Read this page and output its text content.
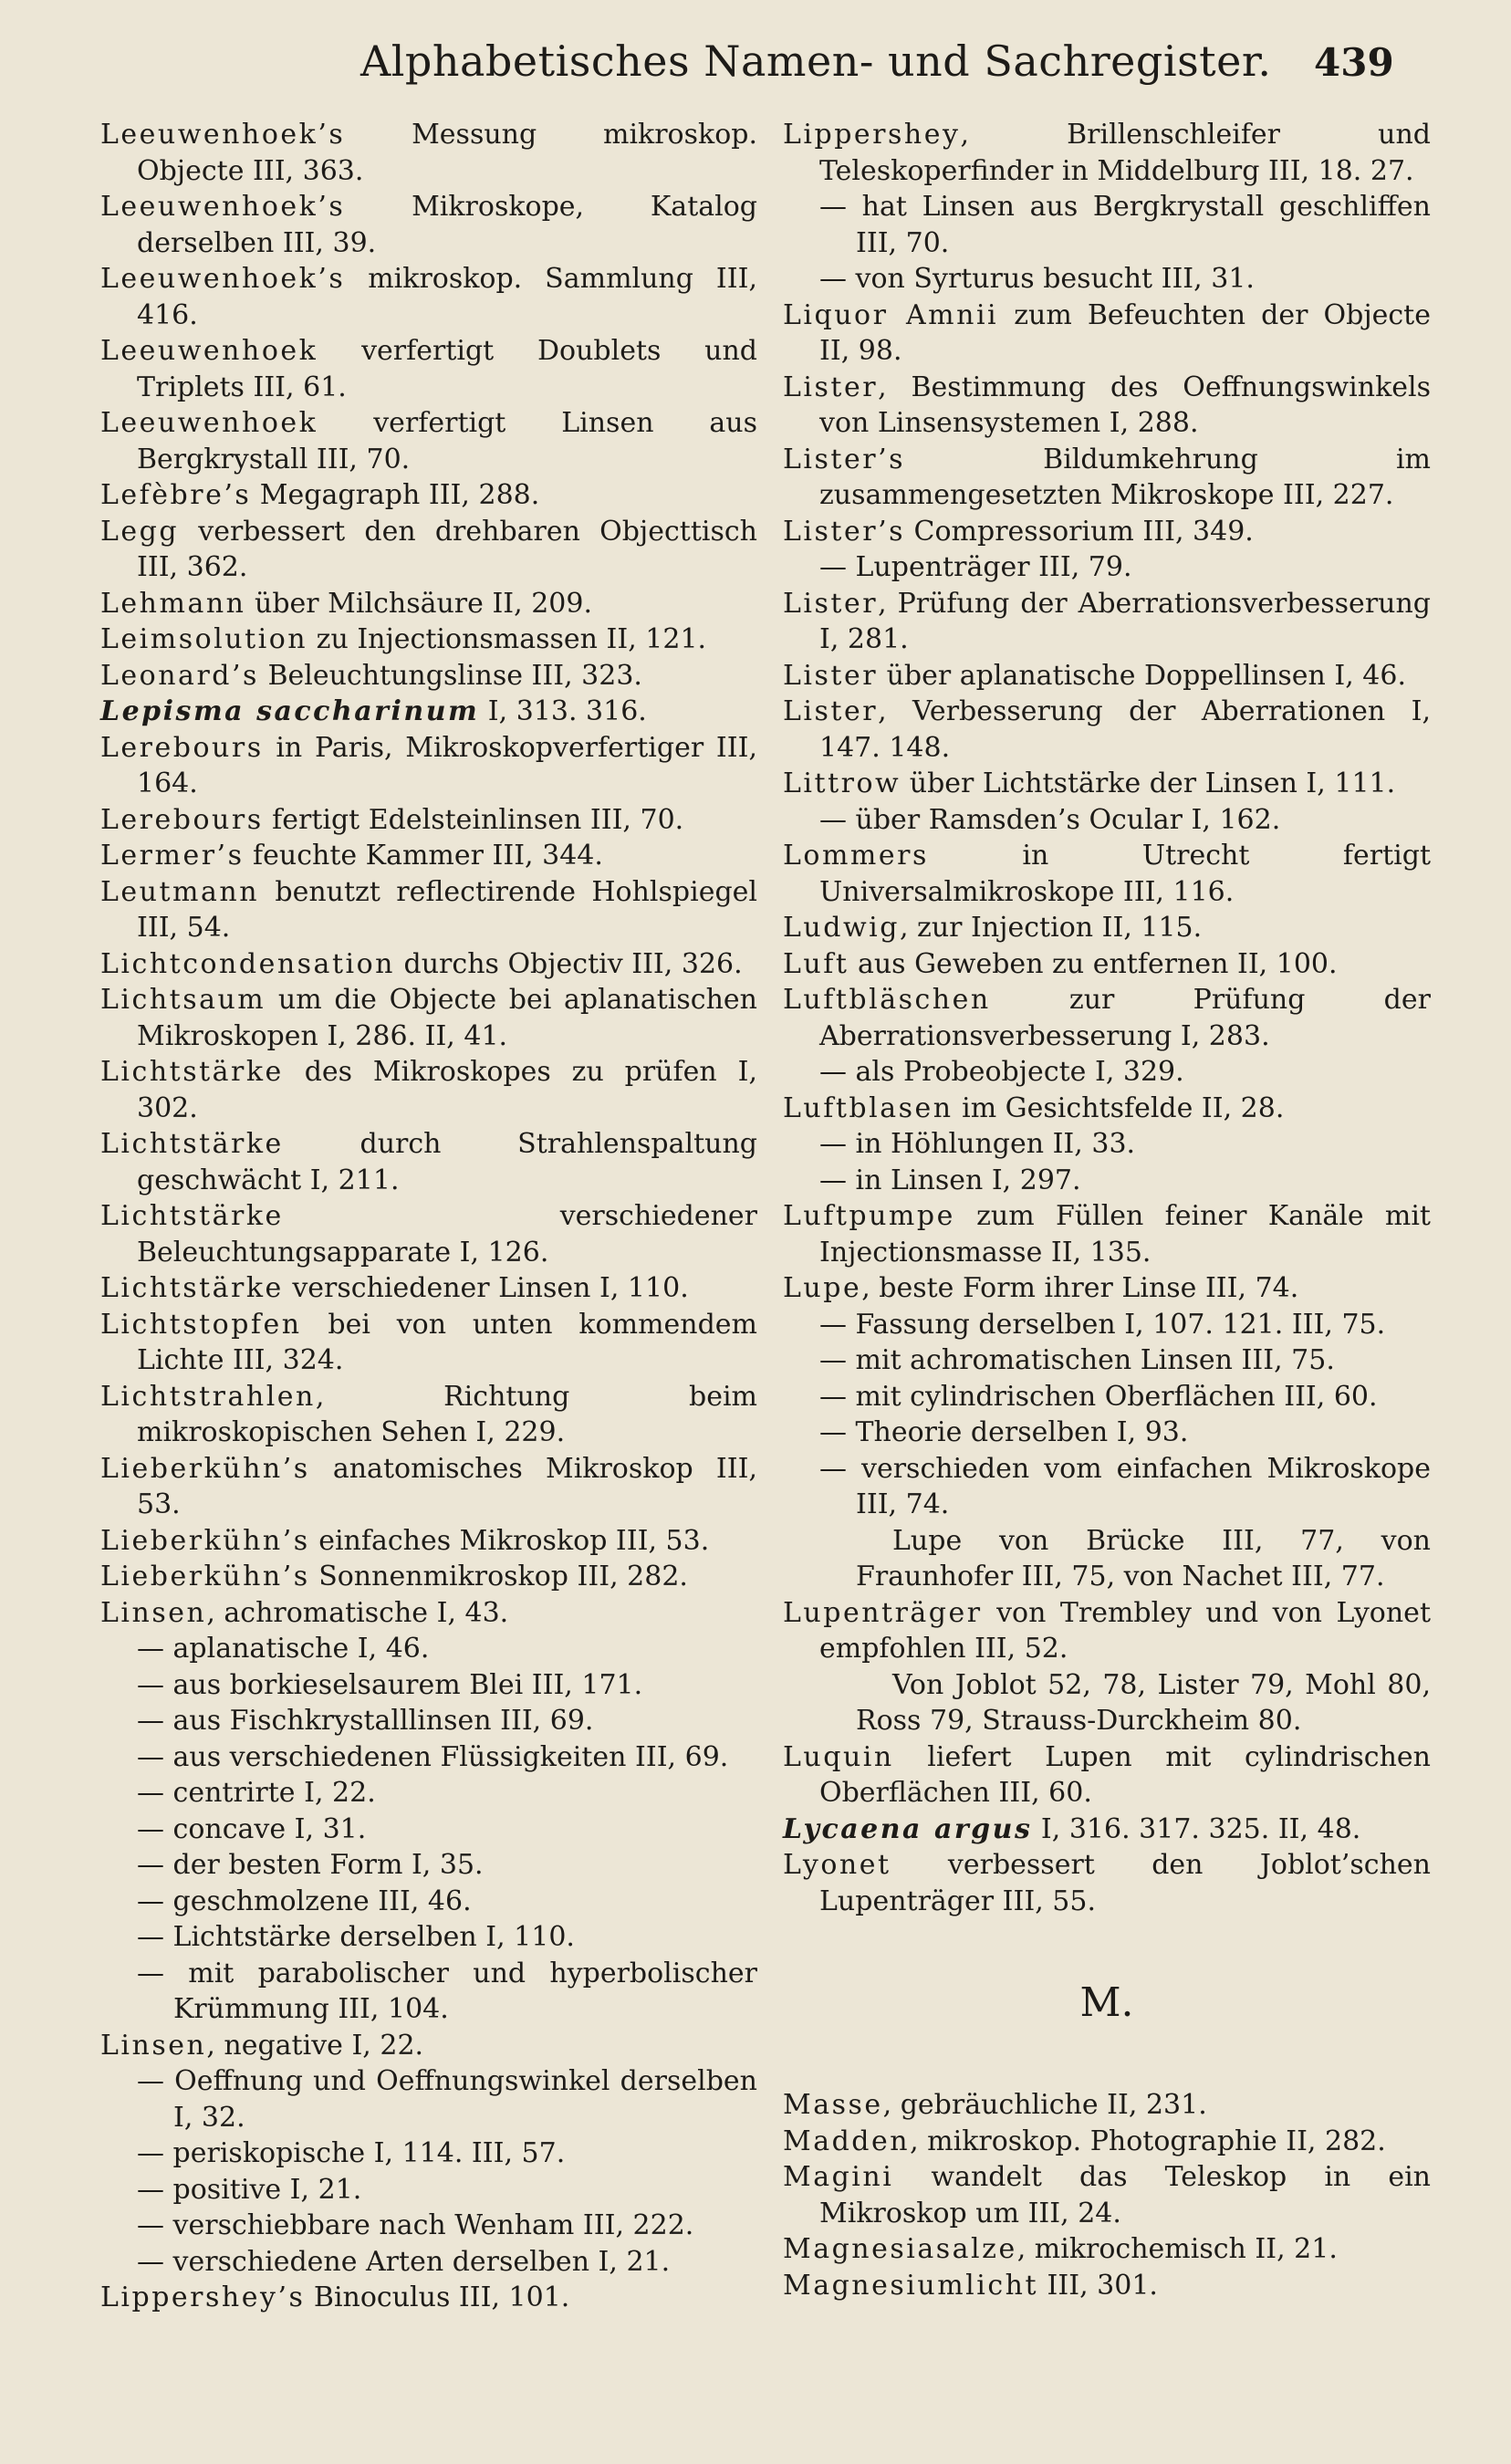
Alphabetisches Namen- und Sachregister. 439

Leeuwenhoek’s Messung mikroskop. Objecte III, 363.

Leeuwenhoek’s Mikroskope, Katalog derselben III, 39.

Leeuwenhoek’s mikroskop. Sammlung III, 416.

Leeuwenhoek verfertigt Doublets und Triplets III, 61.

Leeuwenhoek verfertigt Linsen aus Bergkrystall III, 70.

Lefèbre’s Megagraph III, 288.

Legg verbessert den drehbaren Objecttisch III, 362.

Lehmann über Milchsäure II, 209.

Leimsolution zu Injectionsmassen II, 121.

Leonard’s Beleuchtungslinse III, 323.

Lepisma saccharinum I, 313. 316.

Lerebours in Paris, Mikroskopverfertiger III, 164.

Lerebours fertigt Edelsteinlinsen III, 70.

Lermer’s feuchte Kammer III, 344.

Leutmann benutzt reflectirende Hohlspiegel III, 54.

Lichtcondensation durchs Objectiv III, 326.

Lichtsaum um die Objecte bei aplanatischen Mikroskopen I, 286. II, 41.

Lichtstärke des Mikroskopes zu prüfen I, 302.

Lichtstärke durch Strahlenspaltung geschwächt I, 211.

Lichtstärke verschiedener Beleuchtungsapparate I, 126.

Lichtstärke verschiedener Linsen I, 110.

Lichtstopfen bei von unten kommendem Lichte III, 324.

Lichtstrahlen, Richtung beim mikroskopischen Sehen I, 229.

Lieberkühn’s anatomisches Mikroskop III, 53.

Lieberkühn’s einfaches Mikroskop III, 53.

Lieberkühn’s Sonnenmikroskop III, 282.

Linsen, achromatische I, 43.

— aplanatische I, 46.

— aus borkieselsaurem Blei III, 171.

— aus Fischkrystalllinsen III, 69.

— aus verschiedenen Flüssigkeiten III, 69.

— centrirte I, 22.

— concave I, 31.

— der besten Form I, 35.

— geschmolzene III, 46.

— Lichtstärke derselben I, 110.

— mit parabolischer und hyperbolischer Krümmung III, 104.

Linsen, negative I, 22.

— Oeffnung und Oeffnungswinkel derselben I, 32.

— periskopische I, 114. III, 57.

— positive I, 21.

— verschiebbare nach Wenham III, 222.

— verschiedene Arten derselben I, 21.

Lippershey’s Binoculus III, 101.

Lippershey, Brillenschleifer und Teleskoperfinder in Middelburg III, 18. 27.

— hat Linsen aus Bergkrystall geschliffen III, 70.

— von Syrturus besucht III, 31.

Liquor Amnii zum Befeuchten der Objecte II, 98.

Lister, Bestimmung des Oeffnungswinkels von Linsensystemen I, 288.

Lister’s Bildumkehrung im zusammengesetzten Mikroskope III, 227.

Lister’s Compressorium III, 349.

— Lupenträger III, 79.

Lister, Prüfung der Aberrationsverbesserung I, 281.

Lister über aplanatische Doppellinsen I, 46.

Lister, Verbesserung der Aberrationen I, 147. 148.

Littrow über Lichtstärke der Linsen I, 111.

— über Ramsden’s Ocular I, 162.

Lommers in Utrecht fertigt Universalmikroskope III, 116.

Ludwig, zur Injection II, 115.

Luft aus Geweben zu entfernen II, 100.

Luftbläschen zur Prüfung der Aberrationsverbesserung I, 283.

— als Probeobjecte I, 329.

Luftblasen im Gesichtsfelde II, 28.

— in Höhlungen II, 33.

— in Linsen I, 297.

Luftpumpe zum Füllen feiner Kanäle mit Injectionsmasse II, 135.

Lupe, beste Form ihrer Linse III, 74.

— Fassung derselben I, 107. 121. III, 75.

— mit achromatischen Linsen III, 75.

— mit cylindrischen Oberflächen III, 60.

— Theorie derselben I, 93.

— verschieden vom einfachen Mikroskope III, 74.

Lupe von Brücke III, 77, von Fraunhofer III, 75, von Nachet III, 77.

Lupenträger von Trembley und von Lyonet empfohlen III, 52.

Von Joblot 52, 78, Lister 79, Mohl 80, Ross 79, Strauss-Durckheim 80.

Luquin liefert Lupen mit cylindrischen Oberflächen III, 60.

Lycaena argus I, 316. 317. 325. II, 48.

Lyonet verbessert den Joblot’schen Lupenträger III, 55.

M.

Masse, gebräuchliche II, 231.

Madden, mikroskop. Photographie II, 282.

Magini wandelt das Teleskop in ein Mikroskop um III, 24.

Magnesiasalze, mikrochemisch II, 21.

Magnesiumlicht III, 301.
